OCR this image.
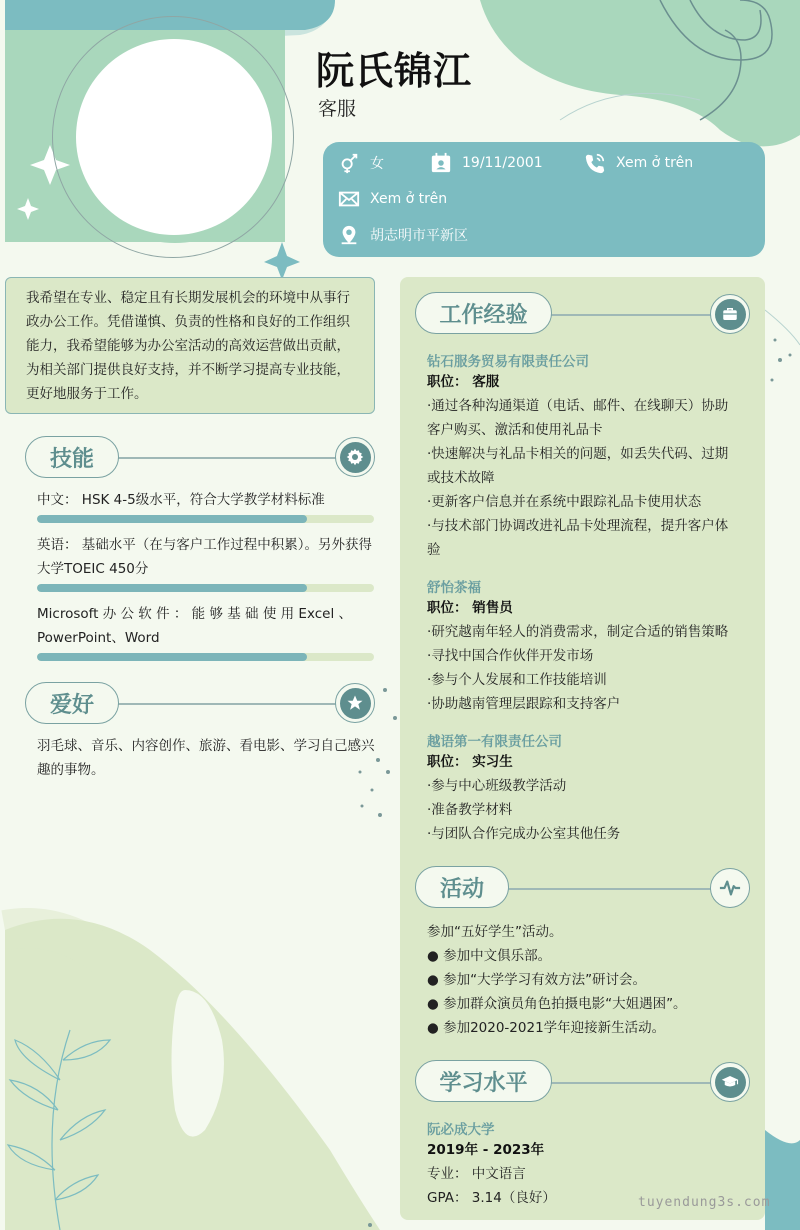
阮氏锦江
客服
女	19/11/2001	Xem ở trên
Xem ở trên
胡志明市平新区
我希望在专业、稳定且有长期发展机会的环境中从事行政办公工作。凭借谨慎、负责的性格和良好的工作组织能力，我希望能够为办公室活动的高效运营做出贡献，为相关部门提供良好支持，并不断学习提高专业技能，更好地服务于工作。
技能
中文： HSK 4-5级水平，符合大学教学材料标准
英语： 基础水平（在与客户工作过程中积累）。另外获得大学TOEIC 450分
Microsoft 办 公 软 件 ： 能 够 基 础 使 用 Excel 、PowerPoint、Word
爱好
羽毛球、音乐、内容创作、旅游、看电影、学习自己感兴趣的事物。
工作经验
钻石服务贸易有限责任公司
职位： 客服
·通过各种沟通渠道（电话、邮件、在线聊天）协助
客户购买、激活和使用礼品卡
·快速解决与礼品卡相关的问题，如丢失代码、过期
或技术故障
·更新客户信息并在系统中跟踪礼品卡使用状态
·与技术部门协调改进礼品卡处理流程，提升客户体
验
舒怡茶福
职位： 销售员
·研究越南年轻人的消费需求，制定合适的销售策略
·寻找中国合作伙伴开发市场
·参与个人发展和工作技能培训
·协助越南管理层跟踪和支持客户
越语第一有限责任公司
职位： 实习生
·参与中心班级教学活动
·准备教学材料
·与团队合作完成办公室其他任务
活动
参加“五好学生”活动。
● 参加中文俱乐部。
● 参加“大学学习有效方法”研讨会。
● 参加群众演员角色拍摄电影“大姐遇困”。
● 参加2020-2021学年迎接新生活动。
学习水平
阮必成大学
2019年 - 2023年
专业： 中文语言
GPA： 3.14（良好）	tuyendung3s.com
